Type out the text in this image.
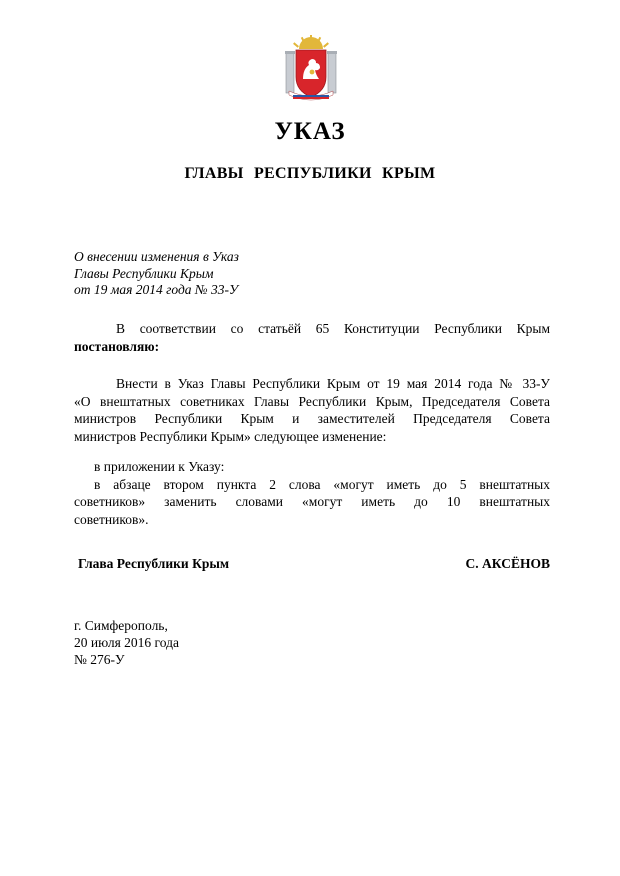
УКАЗ
ГЛАВЫ РЕСПУБЛИКИ КРЫМ
О внесении изменения в Указ
Главы Республики Крым
от 19 мая 2014 года № 33-У
В соответствии со статьёй 65 Конституции Республики Крым
постановляю:
Внести в Указ Главы Республики Крым от 19 мая 2014 года № 33-У
«О внештатных советниках Главы Республики Крым, Председателя Совета
министров Республики Крым и заместителей Председателя Совета
министров Республики Крым» следующее изменение:
в приложении к Указу:
в абзаце втором пункта 2 слова «могут иметь до 5 внештатных
советников» заменить словами «могут иметь до 10 внештатных
советников».
Глава Республики Крым	С. АКСЁНОВ
г. Симферополь,
20 июля 2016 года
№ 276-У
